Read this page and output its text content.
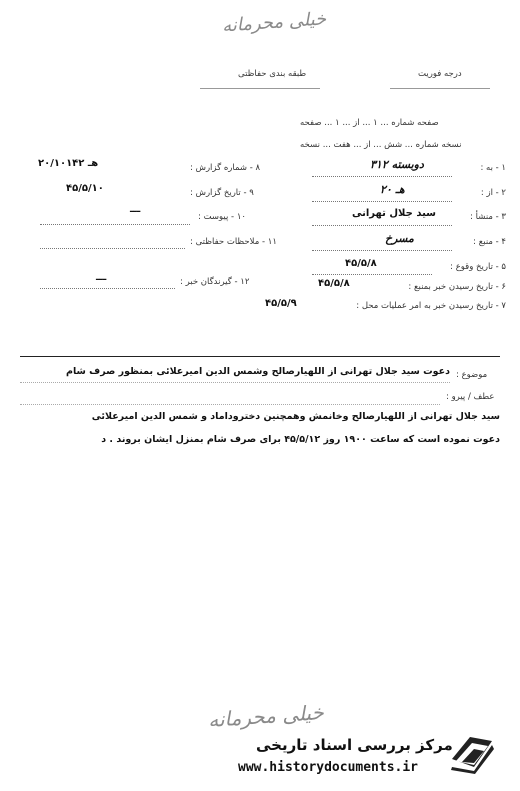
خیلی محرمانه
طبقه بندی حفاظتی	درجه فوریت
صفحه شماره ... ۱ ... از ... ۱ ... صفحه
نسخه شماره ... شش ... از ... هفت ... نسخه
۱ - به :
۳۱۲ دوبسته
۲ - از :
۲۰ هـ
۳ - منشأ :
سید جلال تهرانی
۴ - منبع :
مسرخ
۵ - تاریخ وقوع :
۴۵/۵/۸
۶ - تاریخ رسیدن خبر بمنبع :
۴۵/۵/۸
۷ - تاریخ رسیدن خبر به امر عملیات محل :
۴۵/۵/۹
۸ - شماره گزارش :
۲۰/۱۰۱۴۲ هـ
۹ - تاریخ گزارش :
۴۵/۵/۱۰
۱۰ - پیوست :
ـــ
۱۱ - ملاحظات حفاظتی :
۱۲ - گیرندگان خبر :
ـــ
موضوع :
دعوت سید جلال تهرانی از اللهیارصالح وشمس الدین امیرعلائی بمنظور صرف شام
عطف / پیرو :
سید جلال تهرانی از اللهیارصالح وخانمش وهمچنین دختروداماد و شمس الدین امیرعلائی
دعوت نموده است که ساعت ۱۹۰۰ روز ۴۵/۵/۱۲ برای صرف شام بمنزل ایشان بروند . د
خیلی محرمانه
مرکز بررسی اسناد تاریخی
www.historydocuments.ir
